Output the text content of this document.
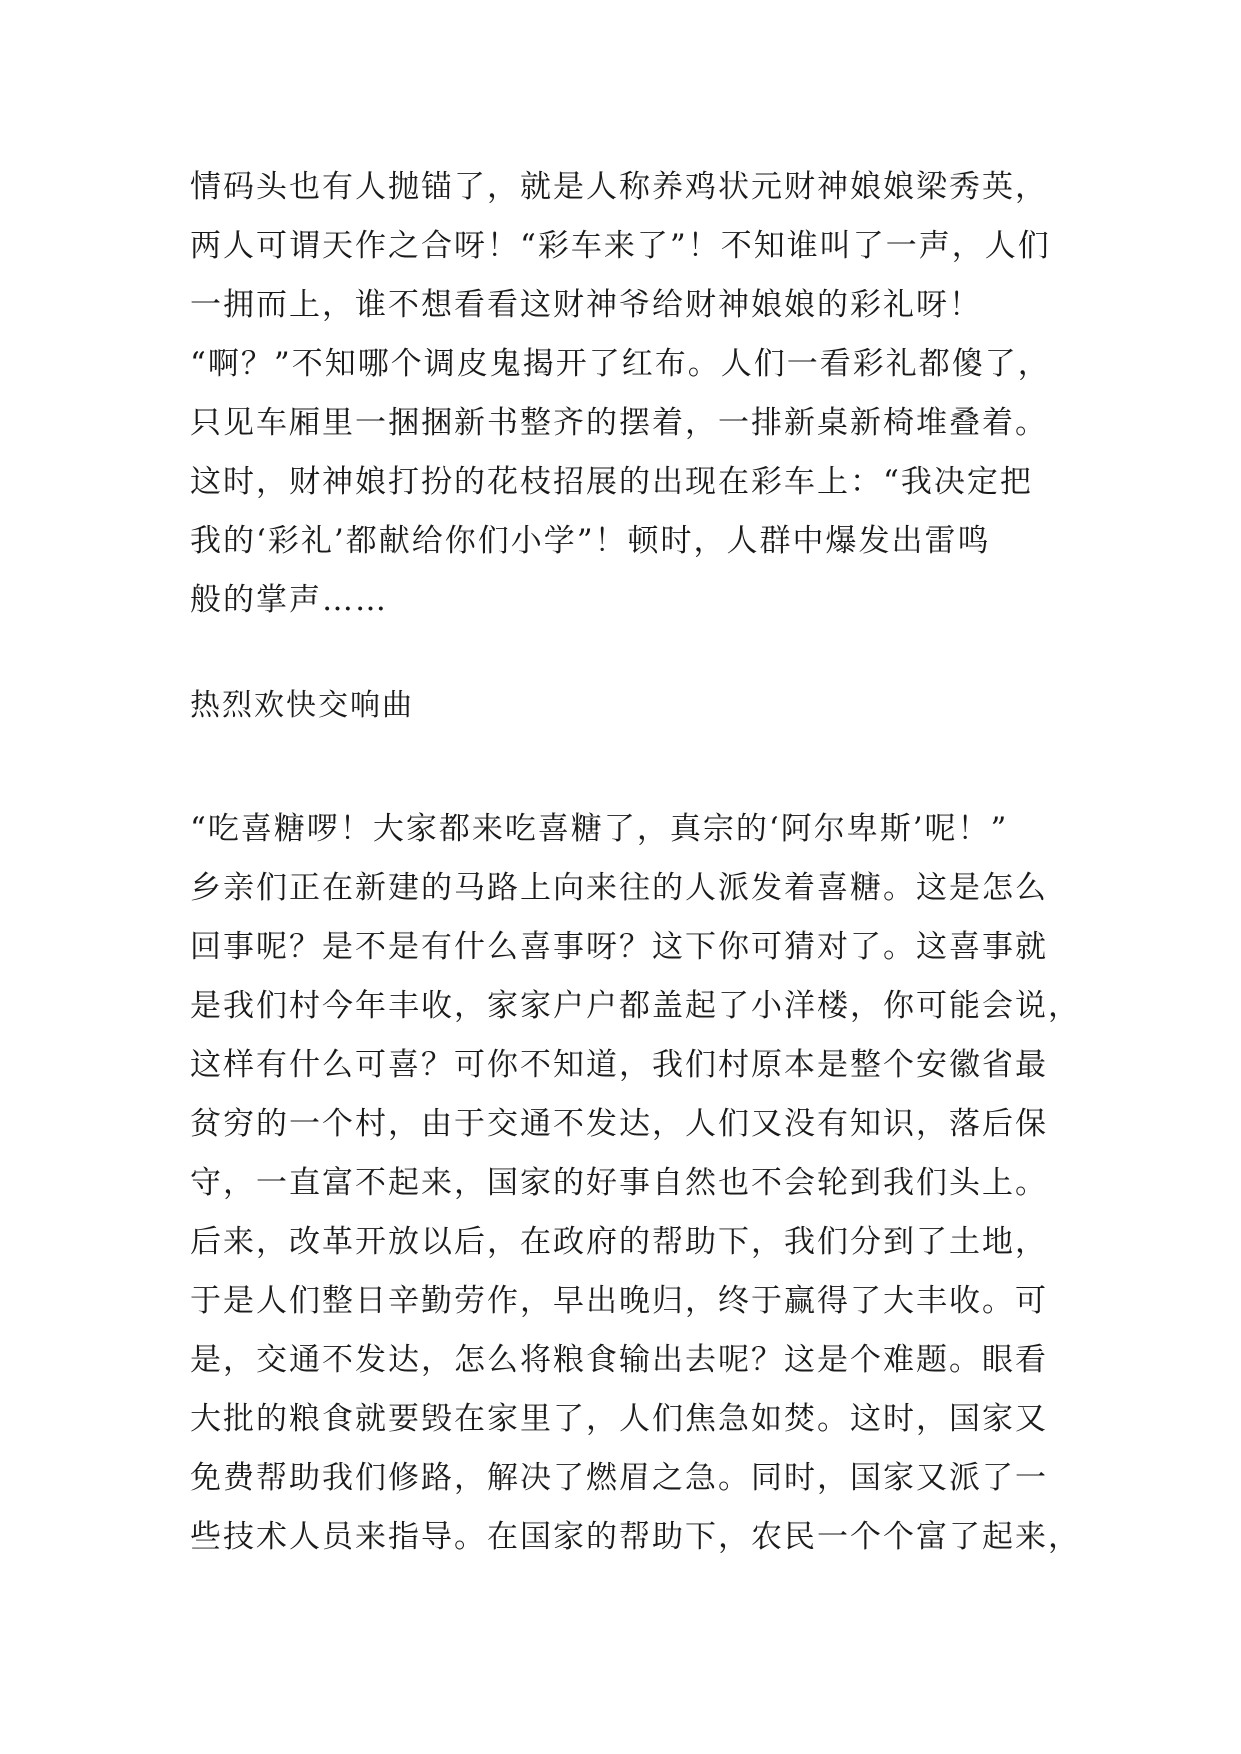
情码头也有人抛锚了，就是人称养鸡状元财神娘娘梁秀英，
两人可谓天作之合呀！“彩车来了”！不知谁叫了一声，人们
一拥而上，谁不想看看这财神爷给财神娘娘的彩礼呀！
“啊？”不知哪个调皮鬼揭开了红布。人们一看彩礼都傻了，
只见车厢里一捆捆新书整齐的摆着，一排新桌新椅堆叠着。
这时，财神娘打扮的花枝招展的出现在彩车上：“我决定把
我的‘彩礼’都献给你们小学”！顿时，人群中爆发出雷鸣
般的掌声……
热烈欢快交响曲
“吃喜糖啰！大家都来吃喜糖了，真宗的‘阿尔卑斯’呢！”
乡亲们正在新建的马路上向来往的人派发着喜糖。这是怎么
回事呢？是不是有什么喜事呀？这下你可猜对了。这喜事就
是我们村今年丰收，家家户户都盖起了小洋楼，你可能会说，
这样有什么可喜？可你不知道，我们村原本是整个安徽省最
贫穷的一个村，由于交通不发达，人们又没有知识，落后保
守，一直富不起来，国家的好事自然也不会轮到我们头上。
后来，改革开放以后，在政府的帮助下，我们分到了土地，
于是人们整日辛勤劳作，早出晚归，终于赢得了大丰收。可
是，交通不发达，怎么将粮食输出去呢？这是个难题。眼看
大批的粮食就要毁在家里了，人们焦急如焚。这时，国家又
免费帮助我们修路，解决了燃眉之急。同时，国家又派了一
些技术人员来指导。在国家的帮助下，农民一个个富了起来，
